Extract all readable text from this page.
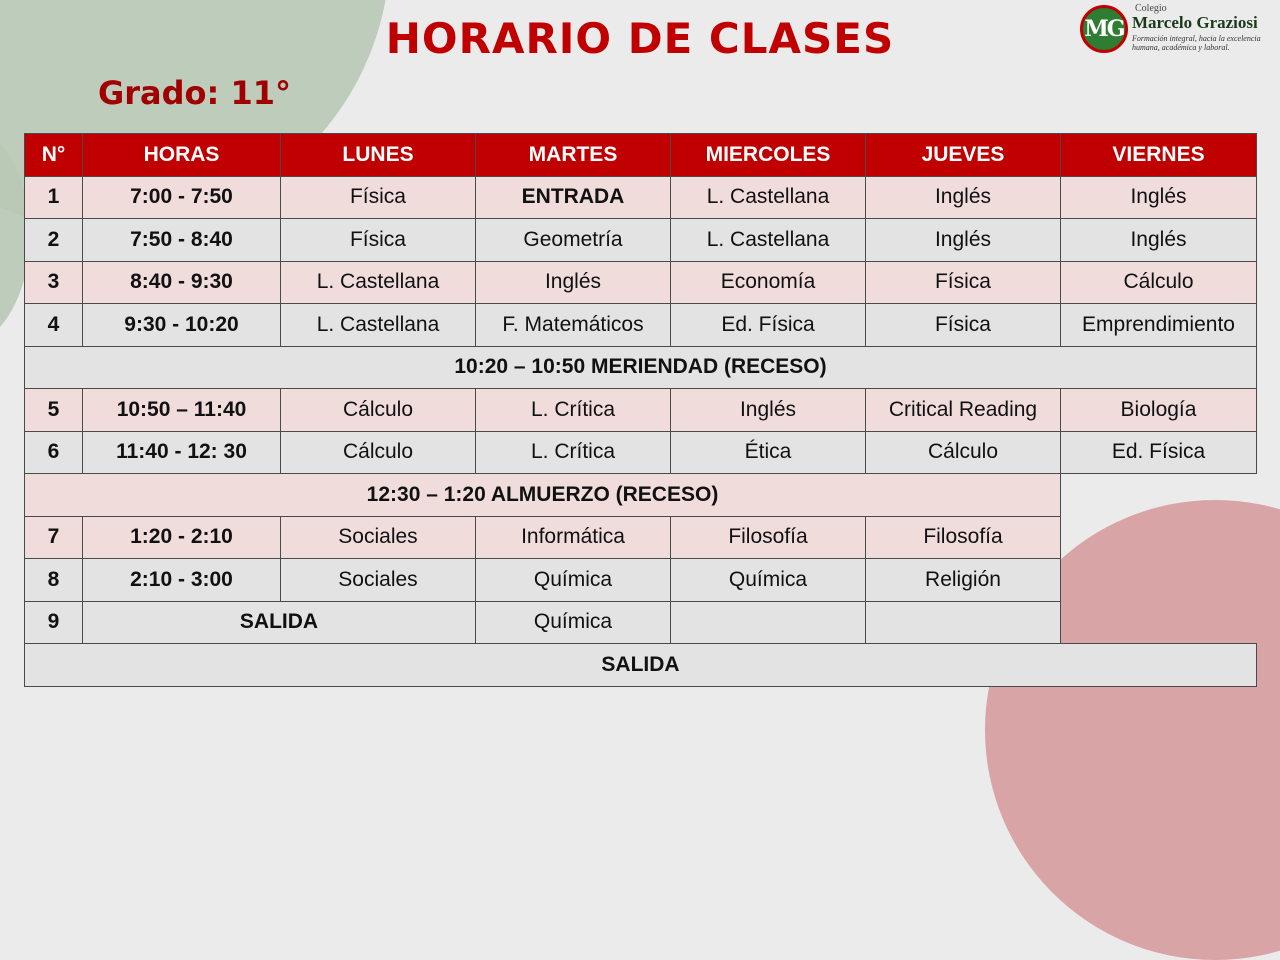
HORARIO DE CLASES
Grado: 11°
MG
Colegio
Marcelo Graziosi
Formación integral, hacia la excelencia humana, académica y laboral.
N°	HORAS	LUNES	MARTES	MIERCOLES	JUEVES	VIERNES
1	7:00 - 7:50	Física	ENTRADA	L. Castellana	Inglés	Inglés
2	7:50 - 8:40	Física	Geometría	L. Castellana	Inglés	Inglés
3	8:40 - 9:30	L. Castellana	Inglés	Economía	Física	Cálculo
4	9:30 - 10:20	L. Castellana	F. Matemáticos	Ed. Física	Física	Emprendimiento
10:20 – 10:50 MERIENDAD (RECESO)						
5	10:50 – 11:40	Cálculo	L. Crítica	Inglés	Critical Reading	Biología
6	11:40 - 12: 30	Cálculo	L. Crítica	Ética	Cálculo	Ed. Física
12:30 – 1:20 ALMUERZO (RECESO)						
7	1:20 - 2:10	Sociales	Informática	Filosofía	Filosofía	
8	2:10 - 3:00	Sociales	Química	Química	Religión	
9	SALIDA		Química			
SALIDA						
